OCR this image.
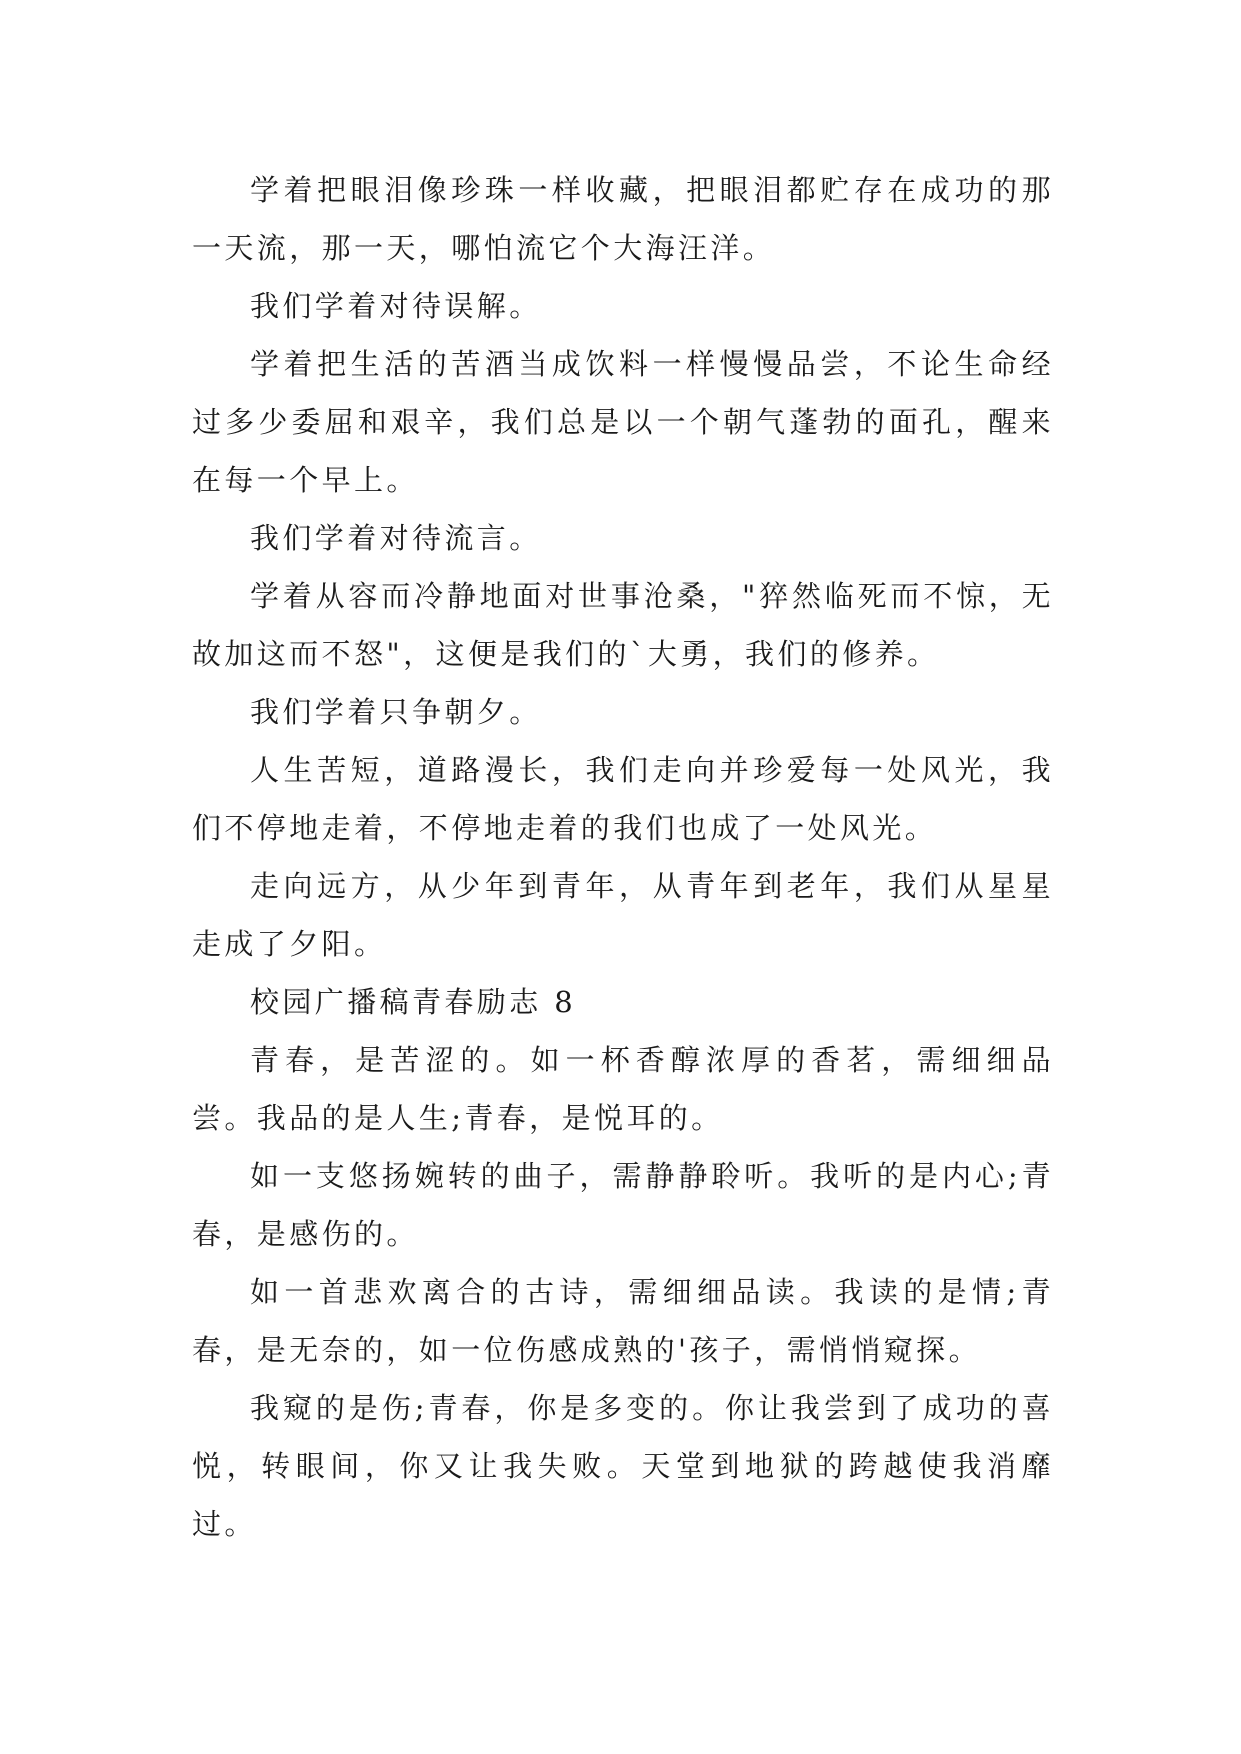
学着把眼泪像珍珠一样收藏，把眼泪都贮存在成功的那一天流，那一天，哪怕流它个大海汪洋。

我们学着对待误解。

学着把生活的苦酒当成饮料一样慢慢品尝，不论生命经过多少委屈和艰辛，我们总是以一个朝气蓬勃的面孔，醒来在每一个早上。

我们学着对待流言。

学着从容而冷静地面对世事沧桑，"猝然临死而不惊，无故加这而不怒"，这便是我们的`大勇，我们的修养。

我们学着只争朝夕。

人生苦短，道路漫长，我们走向并珍爱每一处风光，我们不停地走着，不停地走着的我们也成了一处风光。

走向远方，从少年到青年，从青年到老年，我们从星星走成了夕阳。

校园广播稿青春励志 8

青春，是苦涩的。如一杯香醇浓厚的香茗，需细细品尝。我品的是人生;青春，是悦耳的。

如一支悠扬婉转的曲子，需静静聆听。我听的是内心;青春，是感伤的。

如一首悲欢离合的古诗，需细细品读。我读的是情;青春，是无奈的，如一位伤感成熟的'孩子，需悄悄窥探。

我窥的是伤;青春，你是多变的。你让我尝到了成功的喜悦，转眼间，你又让我失败。天堂到地狱的跨越使我消靡过。
